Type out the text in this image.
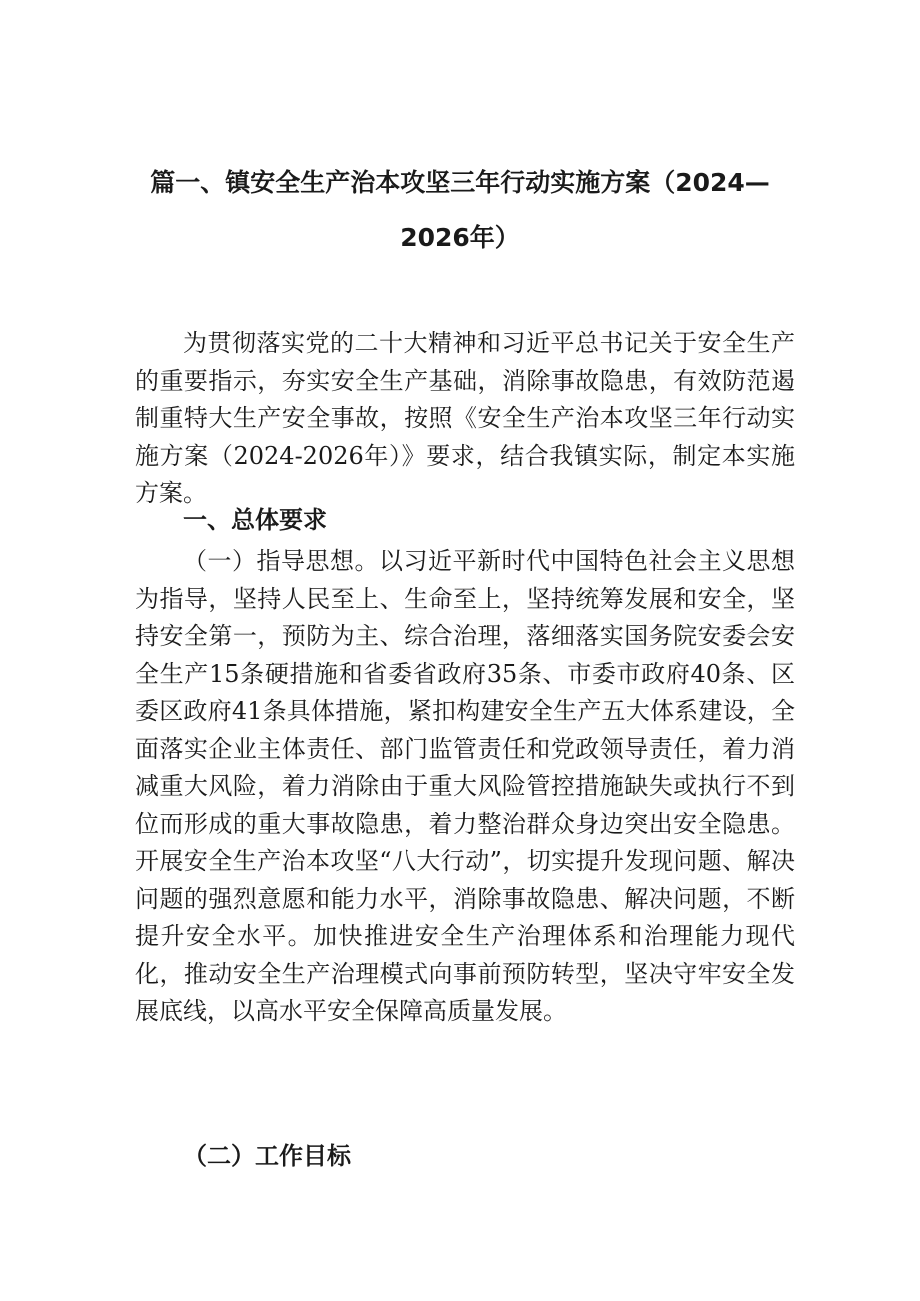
篇一、镇安全生产治本攻坚三年行动实施方案（2024—
2026年）

为贯彻落实党的二十大精神和习近平总书记关于安全生产的重要指示，夯实安全生产基础，消除事故隐患，有效防范遏制重特大生产安全事故，按照《安全生产治本攻坚三年行动实施方案（2024-2026年）》要求，结合我镇实际，制定本实施方案。

一、总体要求

（一）指导思想。以习近平新时代中国特色社会主义思想为指导，坚持人民至上、生命至上，坚持统筹发展和安全，坚持安全第一，预防为主、综合治理，落细落实国务院安委会安全生产15条硬措施和省委省政府35条、市委市政府40条、区委区政府41条具体措施，紧扣构建安全生产五大体系建设，全面落实企业主体责任、部门监管责任和党政领导责任，着力消减重大风险，着力消除由于重大风险管控措施缺失或执行不到位而形成的重大事故隐患，着力整治群众身边突出安全隐患。开展安全生产治本攻坚“八大行动”，切实提升发现问题、解决问题的强烈意愿和能力水平，消除事故隐患、解决问题，不断提升安全水平。加快推进安全生产治理体系和治理能力现代化，推动安全生产治理模式向事前预防转型，坚决守牢安全发展底线，以高水平安全保障高质量发展。

（二）工作目标
